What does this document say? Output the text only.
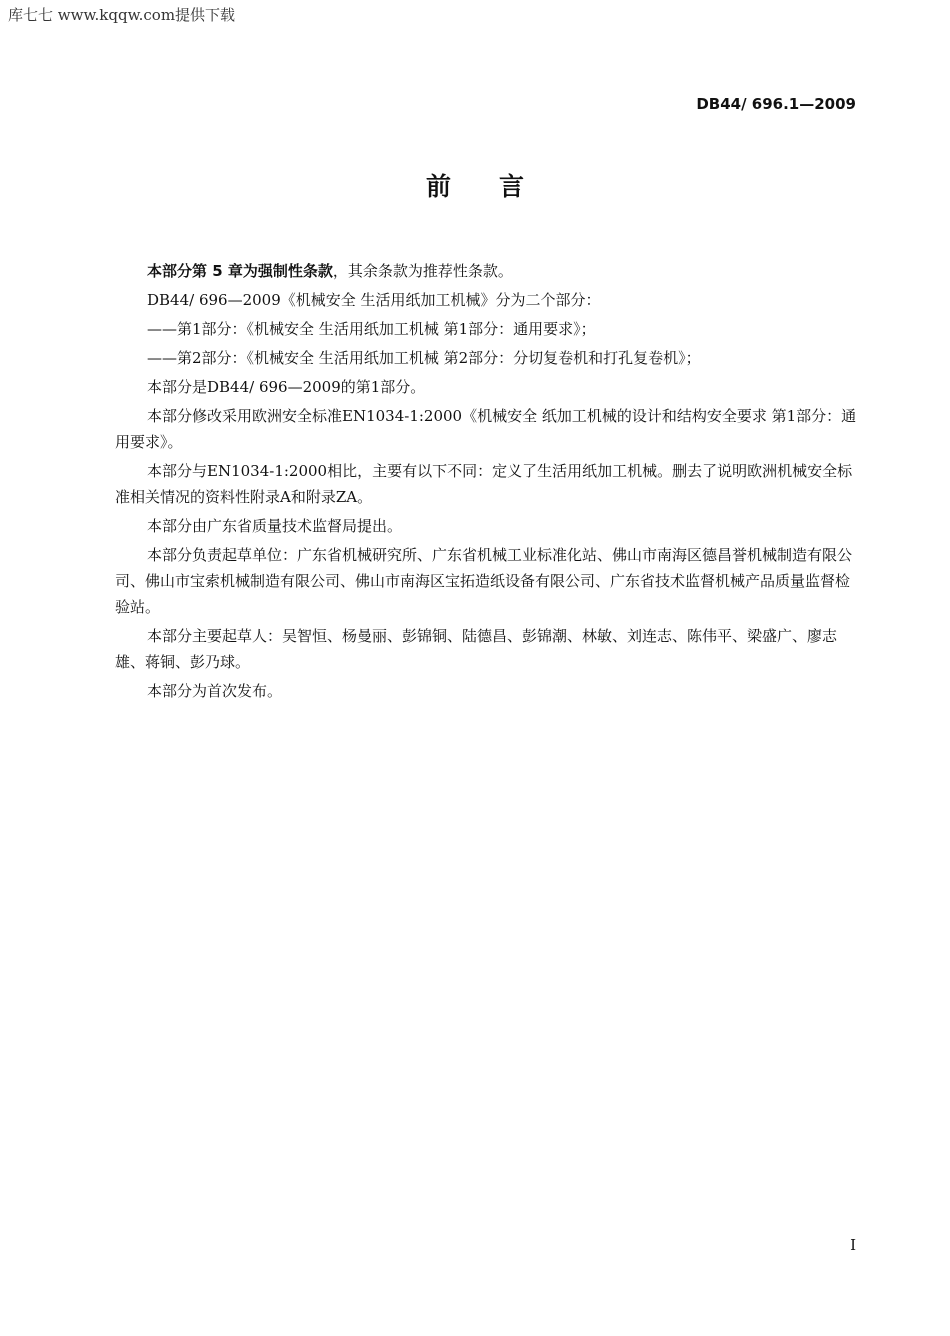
库七七 www.kqqw.com提供下载
DB44/ 696.1—2009
前言

本部分第 5 章为强制性条款，其余条款为推荐性条款。

DB44/ 696—2009《机械安全 生活用纸加工机械》分为二个部分：

——第1部分：《机械安全 生活用纸加工机械 第1部分：通用要求》；

——第2部分：《机械安全 生活用纸加工机械 第2部分：分切复卷机和打孔复卷机》；

本部分是DB44/ 696—2009的第1部分。

本部分修改采用欧洲安全标准EN1034-1:2000《机械安全 纸加工机械的设计和结构安全要求 第1部分：通用要求》。

本部分与EN1034-1:2000相比，主要有以下不同：定义了生活用纸加工机械。删去了说明欧洲机械安全标准相关情况的资料性附录A和附录ZA。

本部分由广东省质量技术监督局提出。

本部分负责起草单位：广东省机械研究所、广东省机械工业标准化站、佛山市南海区德昌誉机械制造有限公司、佛山市宝索机械制造有限公司、佛山市南海区宝拓造纸设备有限公司、广东省技术监督机械产品质量监督检验站。

本部分主要起草人：吴智恒、杨曼丽、彭锦铜、陆德昌、彭锦潮、林敏、刘连志、陈伟平、梁盛广、廖志雄、蒋铜、彭乃球。

本部分为首次发布。

I
